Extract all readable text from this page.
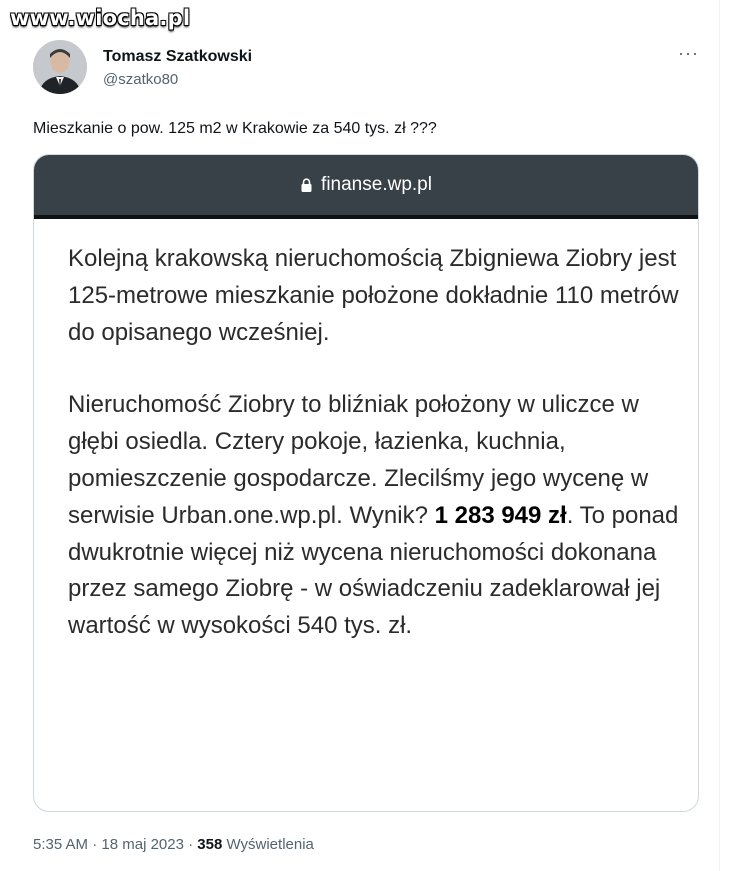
www.wiocha.pl
Tomasz Szatkowski
@szatko80
···
Mieszkanie o pow. 125 m2 w Krakowie za 540 tys. zł ???
finanse.wp.pl

Kolejną krakowską nieruchomością Zbigniewa Ziobry jest 125-metrowe mieszkanie położone dokładnie 110 metrów do opisanego wcześniej.

Nieruchomość Ziobry to bliźniak położony w uliczce w głębi osiedla. Cztery pokoje, łazienka, kuchnia, pomieszczenie gospodarcze. Zlecilśmy jego wycenę w serwisie Urban.one.wp.pl. Wynik? 1 283 949 zł. To ponad dwukrotnie więcej niż wycena nieruchomości dokonana przez samego Ziobrę - w oświadczeniu zadeklarował jej wartość w wysokości 540 tys. zł.

5:35 AM · 18 maj 2023 · 358 Wyświetlenia
